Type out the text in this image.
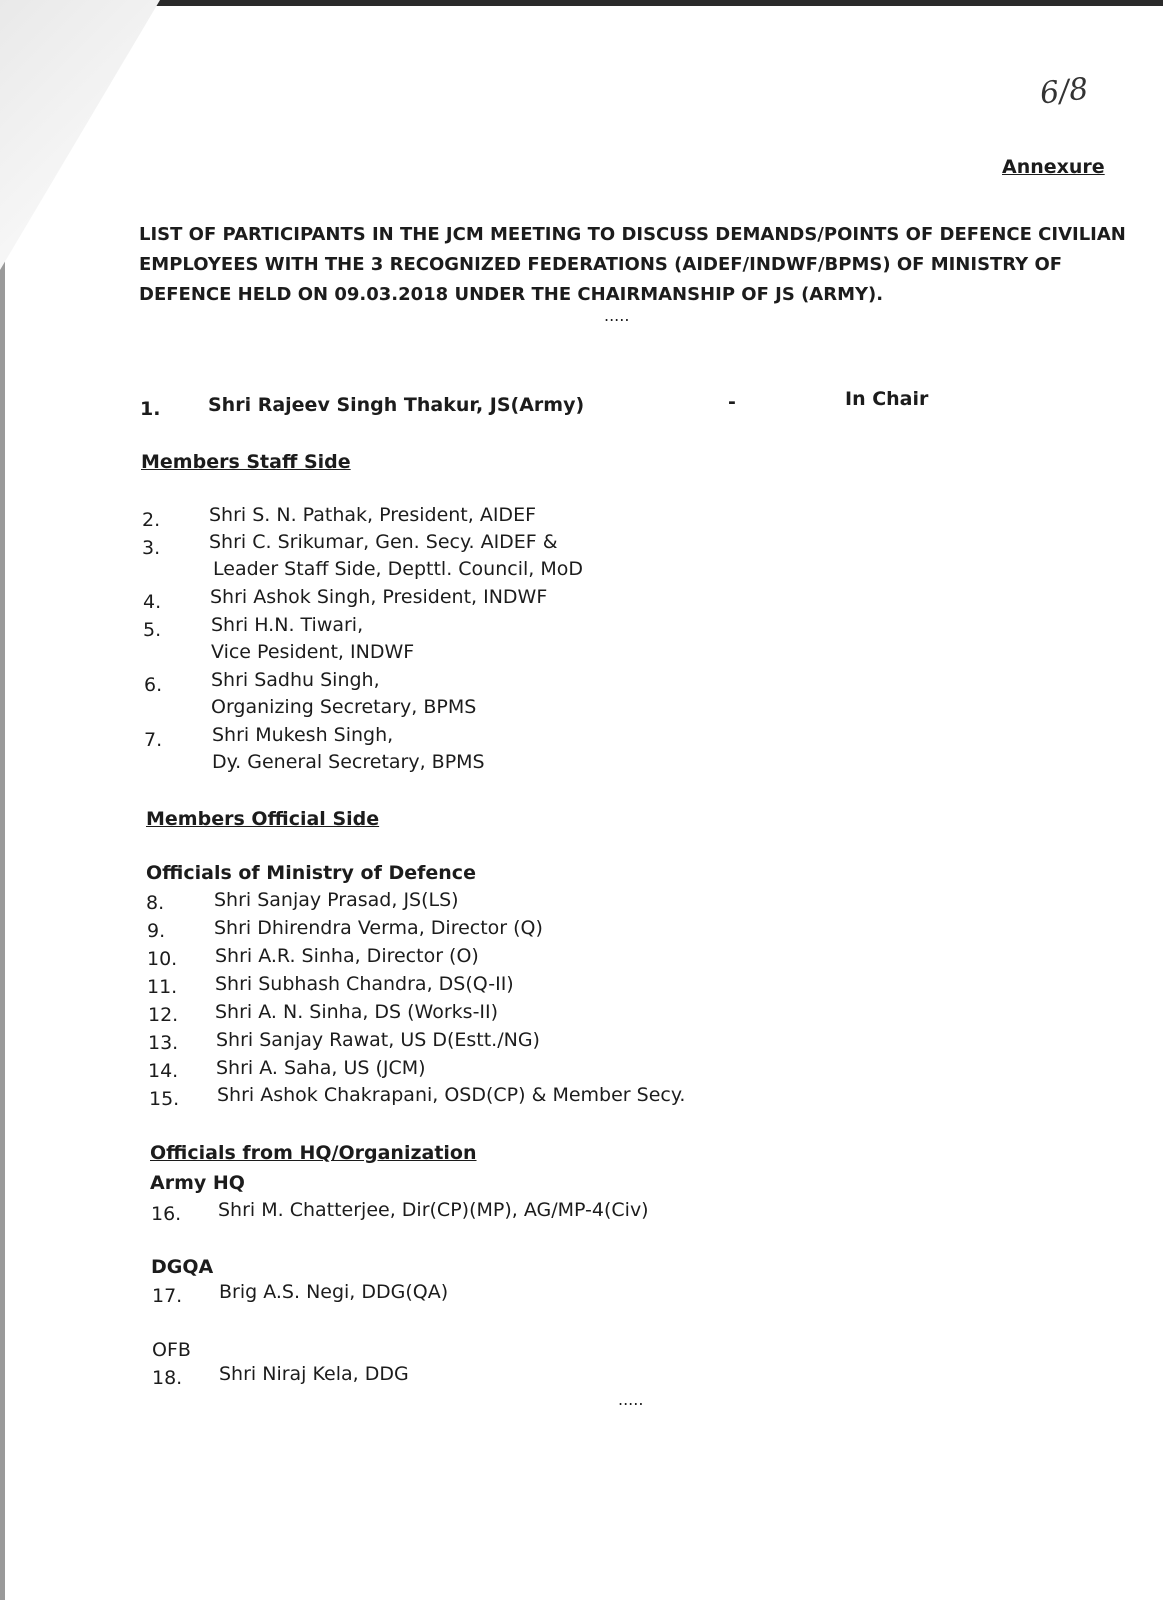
6/8
Annexure
LIST OF PARTICIPANTS IN THE JCM MEETING TO DISCUSS DEMANDS/POINTS OF DEFENCE CIVILIAN
EMPLOYEES WITH THE 3 RECOGNIZED FEDERATIONS (AIDEF/INDWF/BPMS) OF MINISTRY OF
DEFENCE HELD ON 09.03.2018 UNDER THE CHAIRMANSHIP OF JS (ARMY).
.....
1.	Shri Rajeev Singh Thakur, JS(Army)	-	In Chair
Members Staff Side
2.	Shri S. N. Pathak, President, AIDEF
3.	Shri C. Srikumar, Gen. Secy. AIDEF &
Leader Staff Side, Depttl. Council, MoD
4.	Shri Ashok Singh, President, INDWF
5.	Shri H.N. Tiwari,
Vice Pesident, INDWF
6.	Shri Sadhu Singh,
Organizing Secretary, BPMS
7.	Shri Mukesh Singh,
Dy. General Secretary, BPMS
Members Official Side
Officials of Ministry of Defence
8.	Shri Sanjay Prasad, JS(LS)
9.	Shri Dhirendra Verma, Director (Q)
10. Shri A.R. Sinha, Director (O)
11. Shri Subhash Chandra, DS(Q-II)
12. Shri A. N. Sinha, DS (Works-II)
13. Shri Sanjay Rawat, US D(Estt./NG)
14. Shri A. Saha, US (JCM)
15. Shri Ashok Chakrapani, OSD(CP) & Member Secy.
Officials from HQ/Organization
Army HQ
16. Shri M. Chatterjee, Dir(CP)(MP), AG/MP-4(Civ)
DGQA
17. Brig A.S. Negi, DDG(QA)
OFB
18. Shri Niraj Kela, DDG
.....
